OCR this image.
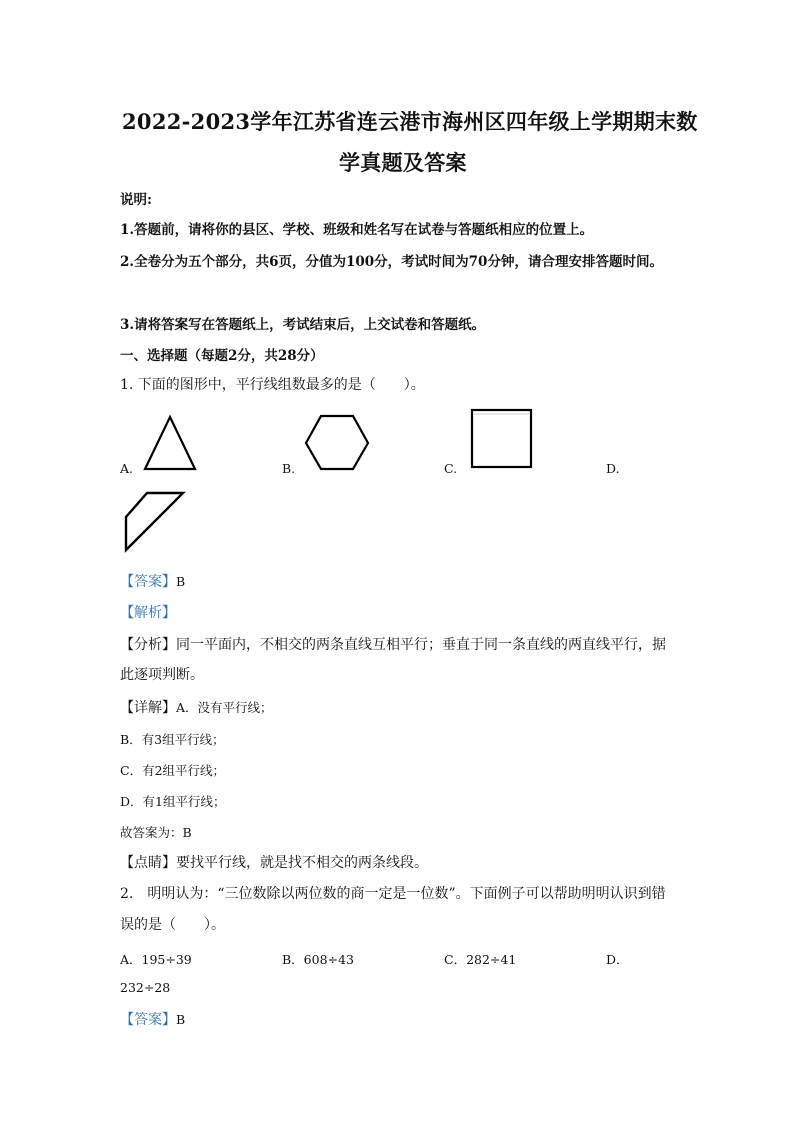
2022-2023学年江苏省连云港市海州区四年级上学期期末数
学真题及答案
说明:
1.答题前，请将你的县区、学校、班级和姓名写在试卷与答题纸相应的位置上。
2.全卷分为五个部分，共6页，分值为100分，考试时间为70分钟，请合理安排答题时间。
3.请将答案写在答题纸上，考试结束后，上交试卷和答题纸。
一、选择题（每题2分，共28分）
1. 下面的图形中，平行线组数最多的是（　　）。
A.	B.	C.	D.
【答案】B
【解析】
【分析】同一平面内，不相交的两条直线互相平行；垂直于同一条直线的两直线平行，据
此逐项判断。
【详解】A．没有平行线；
B．有3组平行线；
C．有2组平行线；
D．有1组平行线；
故答案为：B
【点睛】要找平行线，就是找不相交的两条线段。
2.　明明认为：“三位数除以两位数的商一定是一位数”。下面例子可以帮助明明认识到错
误的是（　　）。
A．195÷39	B．608÷43	C．282÷41	D．
232÷28
【答案】B
